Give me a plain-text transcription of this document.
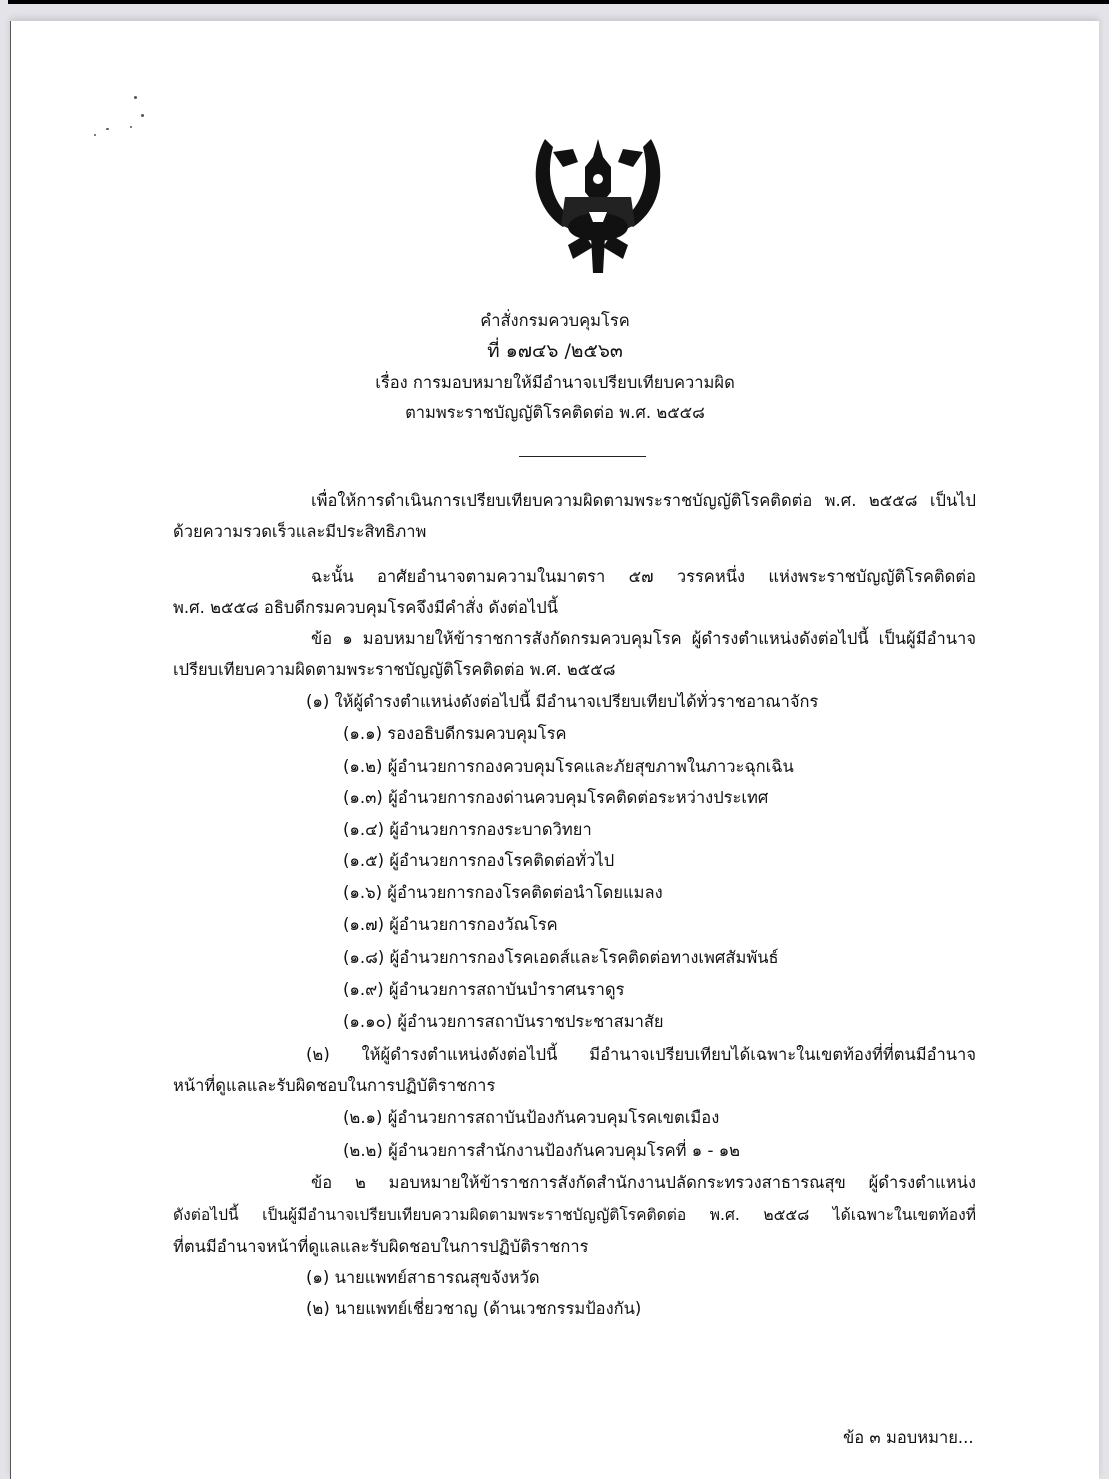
คำสั่งกรมควบคุมโรค
ที่ ๑๗๔๖ /๒๕๖๓
เรื่อง การมอบหมายให้มีอำนาจเปรียบเทียบความผิด
ตามพระราชบัญญัติโรคติดต่อ พ.ศ. ๒๕๕๘
เพื่อให้การดำเนินการเปรียบเทียบความผิดตามพระราชบัญญัติโรคติดต่อ พ.ศ. ๒๕๕๘ เป็นไป
ด้วยความรวดเร็วและมีประสิทธิภาพ
ฉะนั้น อาศัยอำนาจตามความในมาตรา ๕๗ วรรคหนึ่ง แห่งพระราชบัญญัติโรคติดต่อ
พ.ศ. ๒๕๕๘ อธิบดีกรมควบคุมโรคจึงมีคำสั่ง ดังต่อไปนี้
ข้อ ๑ มอบหมายให้ข้าราชการสังกัดกรมควบคุมโรค ผู้ดำรงตำแหน่งดังต่อไปนี้ เป็นผู้มีอำนาจ
เปรียบเทียบความผิดตามพระราชบัญญัติโรคติดต่อ พ.ศ. ๒๕๕๘
(๑) ให้ผู้ดำรงตำแหน่งดังต่อไปนี้ มีอำนาจเปรียบเทียบได้ทั่วราชอาณาจักร
(๑.๑) รองอธิบดีกรมควบคุมโรค
(๑.๒) ผู้อำนวยการกองควบคุมโรคและภัยสุขภาพในภาวะฉุกเฉิน
(๑.๓) ผู้อำนวยการกองด่านควบคุมโรคติดต่อระหว่างประเทศ
(๑.๔) ผู้อำนวยการกองระบาดวิทยา
(๑.๕) ผู้อำนวยการกองโรคติดต่อทั่วไป
(๑.๖) ผู้อำนวยการกองโรคติดต่อนำโดยแมลง
(๑.๗) ผู้อำนวยการกองวัณโรค
(๑.๘) ผู้อำนวยการกองโรคเอดส์และโรคติดต่อทางเพศสัมพันธ์
(๑.๙) ผู้อำนวยการสถาบันบำราศนราดูร
(๑.๑๐) ผู้อำนวยการสถาบันราชประชาสมาสัย
(๒) ให้ผู้ดำรงตำแหน่งดังต่อไปนี้ มีอำนาจเปรียบเทียบได้เฉพาะในเขตท้องที่ที่ตนมีอำนาจ
หน้าที่ดูแลและรับผิดชอบในการปฏิบัติราชการ
(๒.๑) ผู้อำนวยการสถาบันป้องกันควบคุมโรคเขตเมือง
(๒.๒) ผู้อำนวยการสำนักงานป้องกันควบคุมโรคที่ ๑ - ๑๒
ข้อ ๒ มอบหมายให้ข้าราชการสังกัดสำนักงานปลัดกระทรวงสาธารณสุข ผู้ดำรงตำแหน่ง
ดังต่อไปนี้ เป็นผู้มีอำนาจเปรียบเทียบความผิดตามพระราชบัญญัติโรคติดต่อ พ.ศ. ๒๕๕๘ ได้เฉพาะในเขตท้องที่
ที่ตนมีอำนาจหน้าที่ดูแลและรับผิดชอบในการปฏิบัติราชการ
(๑) นายแพทย์สาธารณสุขจังหวัด
(๒) นายแพทย์เชี่ยวชาญ (ด้านเวชกรรมป้องกัน)
ข้อ ๓ มอบหมาย...
